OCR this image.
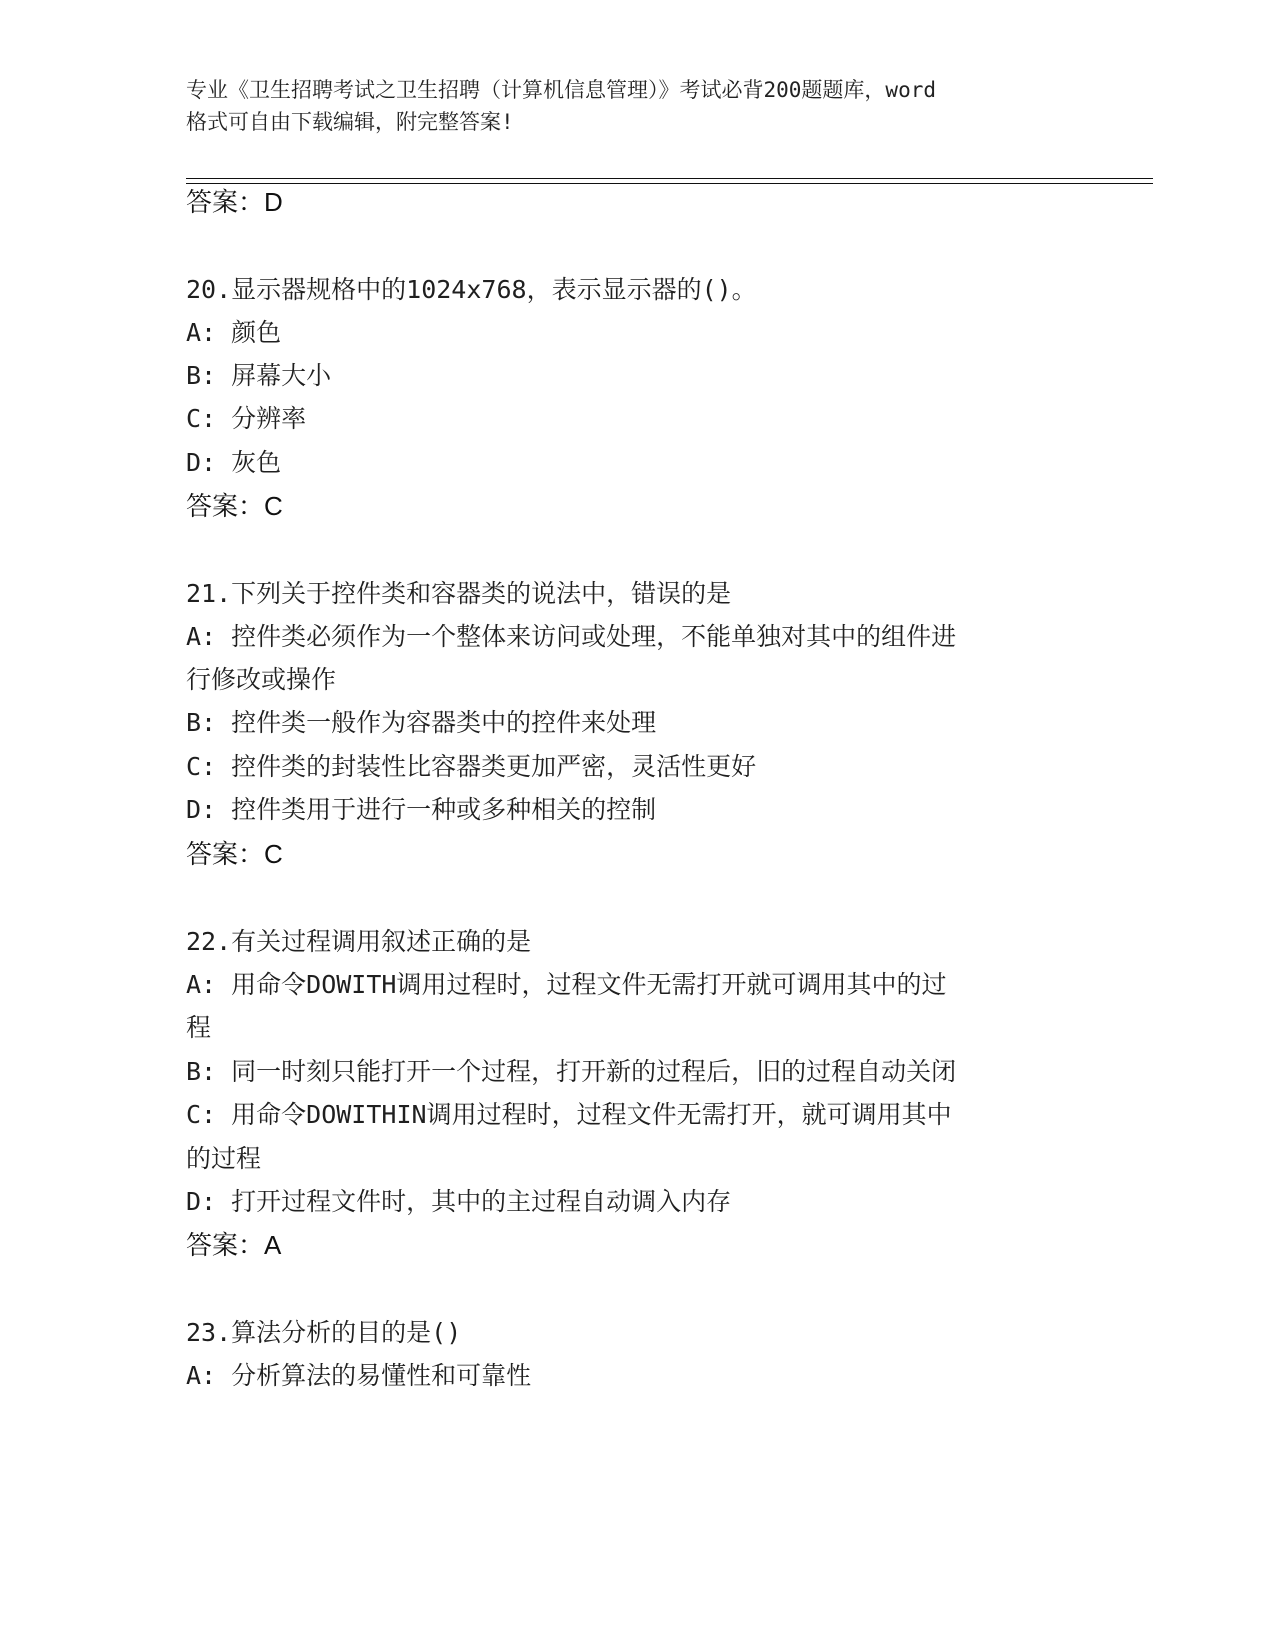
专业《卫生招聘考试之卫生招聘（计算机信息管理）》考试必背200题题库，word
格式可自由下载编辑，附完整答案!
答案：D
20.显示器规格中的1024x768，表示显示器的()。
A: 颜色
B: 屏幕大小
C: 分辨率
D: 灰色
答案：C
21.下列关于控件类和容器类的说法中，错误的是
A: 控件类必须作为一个整体来访问或处理，不能单独对其中的组件进
行修改或操作
B: 控件类一般作为容器类中的控件来处理
C: 控件类的封装性比容器类更加严密，灵活性更好
D: 控件类用于进行一种或多种相关的控制
答案：C
22.有关过程调用叙述正确的是
A: 用命令DOWITH调用过程时，过程文件无需打开就可调用其中的过
程
B: 同一时刻只能打开一个过程，打开新的过程后，旧的过程自动关闭
C: 用命令DOWITHIN调用过程时，过程文件无需打开，就可调用其中
的过程
D: 打开过程文件时，其中的主过程自动调入内存
答案：A
23.算法分析的目的是()
A: 分析算法的易懂性和可靠性
